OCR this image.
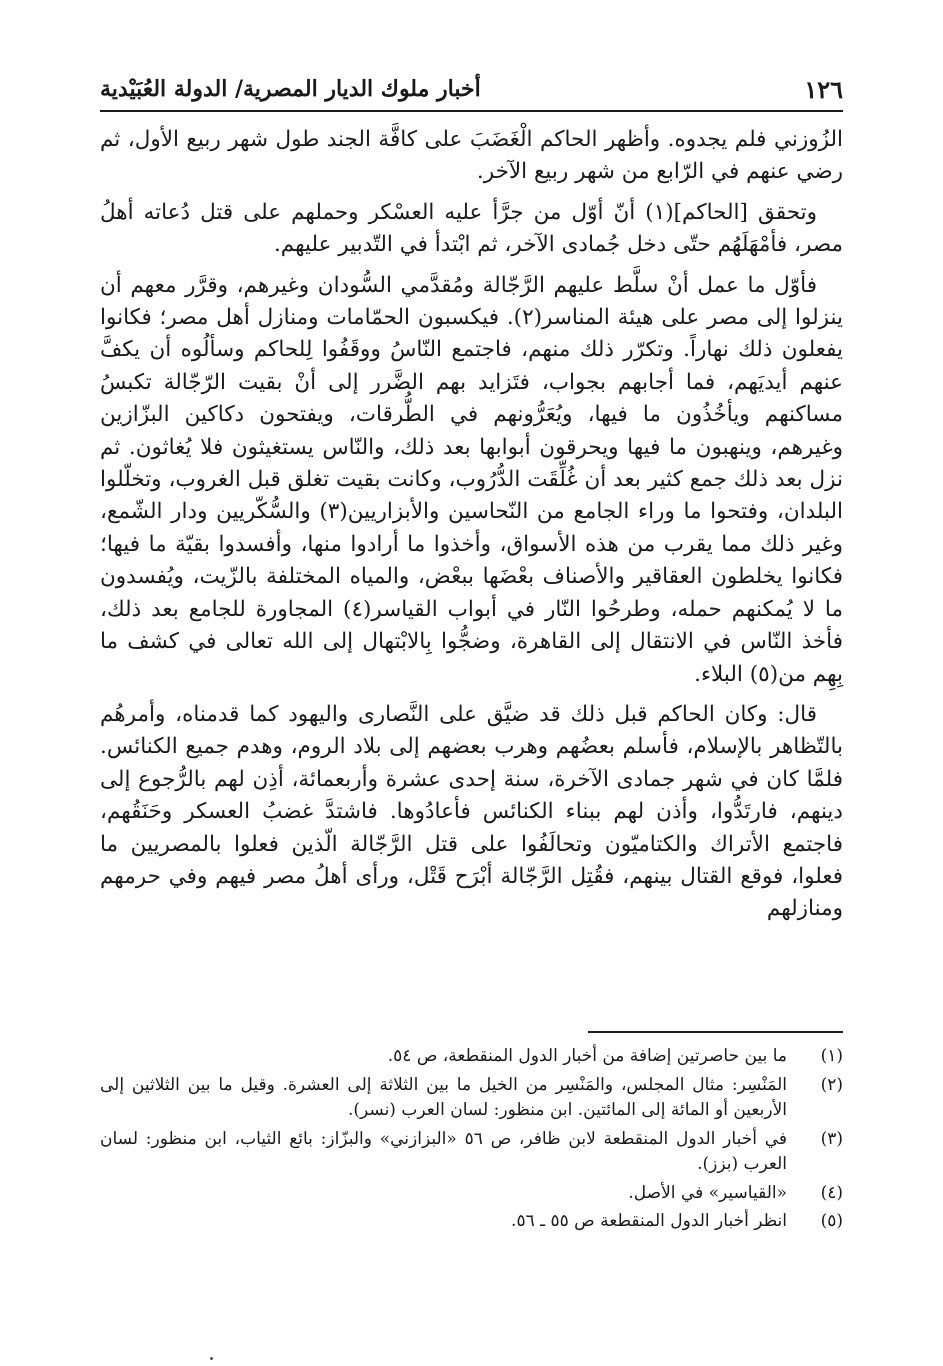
١٢٦
أخبار ملوك الديار المصرية/ الدولة العُبَيْدية

الزُوزني فلم يجدوه. وأظهر الحاكم الْغَضَبَ على كافَّة الجند طول شهر ربيع الأول، ثم رضي عنهم في الرّابع من شهر ربيع الآخر.

وتحقق [الحاكم](١) أنّ أوّل من جرَّأ عليه العسْكر وحملهم على قتل دُعاته أهلُ مصر، فأمْهَلَهُم حتّى دخل جُمادى الآخر، ثم ابْتدأ في التّدبير عليهم.

فأوّل ما عمل أنْ سلَّط عليهم الرَّجّالة ومُقدَّمي السُّودان وغيرهم، وقرَّر معهم أن ينزلوا إلى مصر على هيئة المناسر(٢). فيكسبون الحمّامات ومنازل أهل مصر؛ فكانوا يفعلون ذلك نهاراً. وتكرّر ذلك منهم، فاجتمع النّاسُ ووقَفُوا لِلحاكم وسألُوه أن يكفَّ عنهم أيديَهم، فما أجابهم بجواب، فتَزايد بهم الضَّرر إلى أنْ بقيت الرّجّالة تكبسُ مساكنهم ويأخُذُون ما فيها، ويُعَرُّونهم في الطُّرقات، ويفتحون دكاكين البزّازين وغيرهم، وينهبون ما فيها ويحرقون أبوابها بعد ذلك، والنّاس يستغيثون فلا يُغاثون. ثم نزل بعد ذلك جمع كثير بعد أن غُلِّقَت الدُّرُوب، وكانت بقيت تغلق قبل الغروب، وتخلّلوا البلدان، وفتحوا ما وراء الجامع من النّحاسين والأبزاريين(٣) والسُّكّريين ودار الشّمع، وغير ذلك مما يقرب من هذه الأسواق، وأخذوا ما أرادوا منها، وأفسدوا بقيّة ما فيها؛ فكانوا يخلطون العقاقير والأصناف بعْضَها ببعْض، والمياه المختلفة بالزّيت، ويُفسدون ما لا يُمكنهم حمله، وطرحُوا النّار في أبواب القياسر(٤) المجاورة للجامع بعد ذلك، فأخذ النّاس في الانتقال إلى القاهرة، وضجُّوا بِالابْتهال إلى الله تعالى في كشف ما بِهِم من(٥) البلاء.

قال: وكان الحاكم قبل ذلك قد ضيَّق على النَّصارى واليهود كما قدمناه، وأمرهُم بالتّظاهر بالإسلام، فأسلم بعضُهم وهرب بعضهم إلى بلاد الروم، وهدم جميع الكنائس. فلمَّا كان في شهر جمادى الآخرة، سنة إحدى عشرة وأربعمائة، أذِن لهم بالرُّجوع إلى دينهم، فارتَدُّوا، وأذن لهم ببناء الكنائس فأعادُوها. فاشتدَّ غضبُ العسكر وحَنَقُهم، فاجتمع الأتراك والكتاميّون وتحالَفُوا على قتل الرَّجّالة الّذين فعلوا بالمصريين ما فعلوا، فوقع القتال بينهم، فقُتِل الرَّجّالة أبْرَح قَتْل، ورأى أهلُ مصر فيهم وفي حرمهم ومنازلهم

(١)
ما بين حاصرتين إضافة من أخبار الدول المنقطعة، ص ٥٤.
(٢)
المَنْسِر: مثال المجلس، والمَنْسِر من الخيل ما بين الثلاثة إلى العشرة. وقيل ما بين الثلاثين إلى الأربعين أو المائة إلى المائتين. ابن منظور: لسان العرب (نسر).
(٣)
في أخبار الدول المنقطعة لابن ظافر، ص ٥٦ «البزازني» والبزّاز: بائع الثياب، ابن منظور: لسان العرب (بزز).
(٤)
«القياسير» في الأصل.
(٥)
انظر أخبار الدول المنقطعة ص ٥٥ ـ ٥٦.
